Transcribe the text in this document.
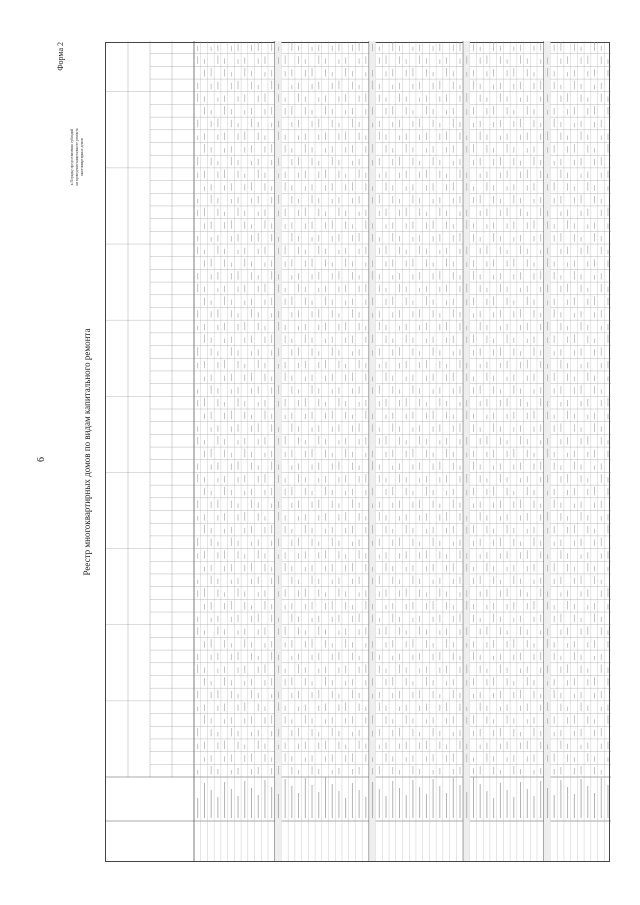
6	Реестр многоквартирных домов по видам капитального ремонта
Форма 2
к Порядку предоставления субсидий на проведение капитального ремонта многоквартирных домов
